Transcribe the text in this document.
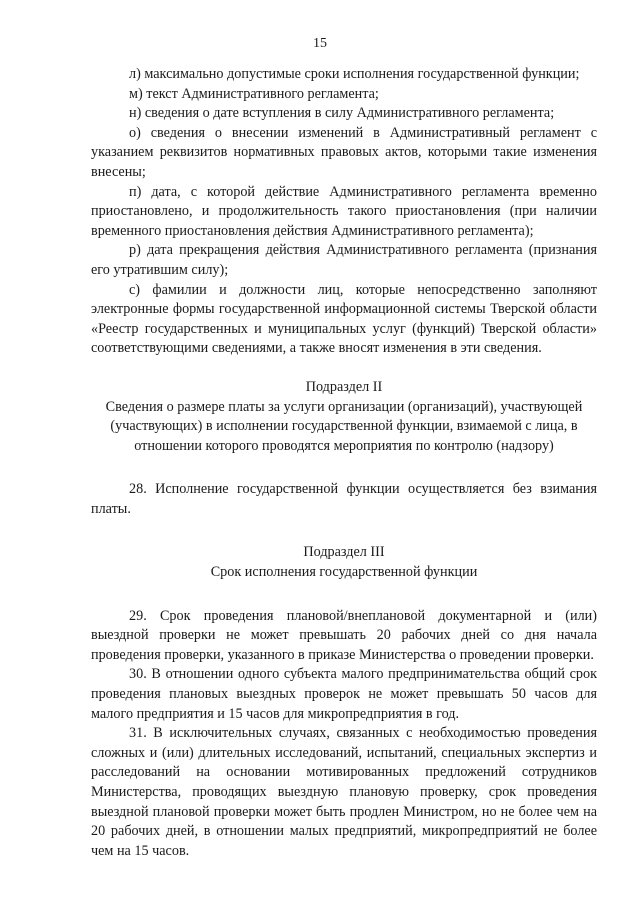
15

л) максимально допустимые сроки исполнения государственной функции;

м) текст Административного регламента;

н) сведения о дате вступления в силу Административного регламента;

о) сведения о внесении изменений в Административный регламент с указанием реквизитов нормативных правовых актов, которыми такие изменения внесены;

п) дата, с которой действие Административного регламента временно приостановлено, и продолжительность такого приостановления (при наличии временного приостановления действия Административного регламента);

р) дата прекращения действия Административного регламента (признания его утратившим силу);

с) фамилии и должности лиц, которые непосредственно заполняют электронные формы государственной информационной системы Тверской области «Реестр государственных и муниципальных услуг (функций) Тверской области» соответствующими сведениями, а также вносят изменения в эти сведения.

Подраздел II

Сведения о размере платы за услуги организации (организаций), участвующей (участвующих) в исполнении государственной функции, взимаемой с лица, в отношении которого проводятся мероприятия по контролю (надзору)

28. Исполнение государственной функции осуществляется без взимания платы.

Подраздел III

Срок исполнения государственной функции

29. Срок проведения плановой/внеплановой документарной и (или) выездной проверки не может превышать 20 рабочих дней со дня начала проведения проверки, указанного в приказе Министерства о проведении проверки.

30. В отношении одного субъекта малого предпринимательства общий срок проведения плановых выездных проверок не может превышать 50 часов для малого предприятия и 15 часов для микропредприятия в год.

31. В исключительных случаях, связанных с необходимостью проведения сложных и (или) длительных исследований, испытаний, специальных экспертиз и расследований на основании мотивированных предложений сотрудников Министерства, проводящих выездную плановую проверку, срок проведения выездной плановой проверки может быть продлен Министром, но не более чем на 20 рабочих дней, в отношении малых предприятий, микропредприятий не более чем на 15 часов.
